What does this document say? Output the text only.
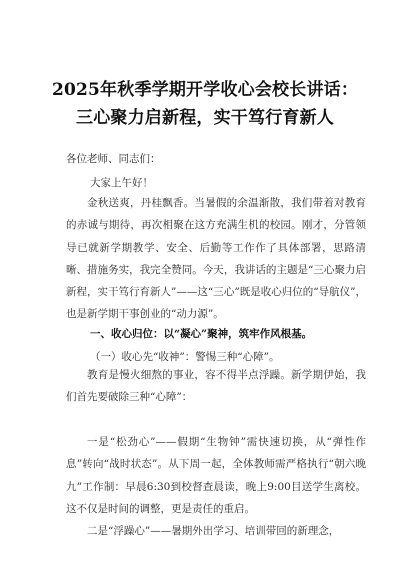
2025年秋季学期开学收心会校长讲话：
三心聚力启新程，实干笃行育新人
各位老师、同志们：
大家上午好！
金秋送爽，丹桂飘香。当暑假的余温渐散，我们带着对教育的赤诚与期待，再次相聚在这方充满生机的校园。刚才，分管领导已就新学期教学、安全、后勤等工作作了具体部署，思路清晰、措施务实，我完全赞同。今天，我讲话的主题是“三心聚力启新程，实干笃行育新人”——这“三心”既是收心归位的“导航仪”，也是新学期干事创业的“动力源”。
一、收心归位：以“凝心”聚神，筑牢作风根基。
（一）收心先“收神”：警惕三种“心障”。
教育是慢火细熬的事业，容不得半点浮躁。新学期伊始，我们首先要破除三种“心障”：
一是“松劲心”——假期“生物钟”需快速切换，从“弹性作息”转向“战时状态”。从下周一起，全体教师需严格执行“朝六晚九”工作制：早晨6:30到校督查晨读，晚上9:00目送学生离校。这不仅是时间的调整，更是责任的重启。
二是“浮躁心”——暑期外出学习、培训带回的新理念，
